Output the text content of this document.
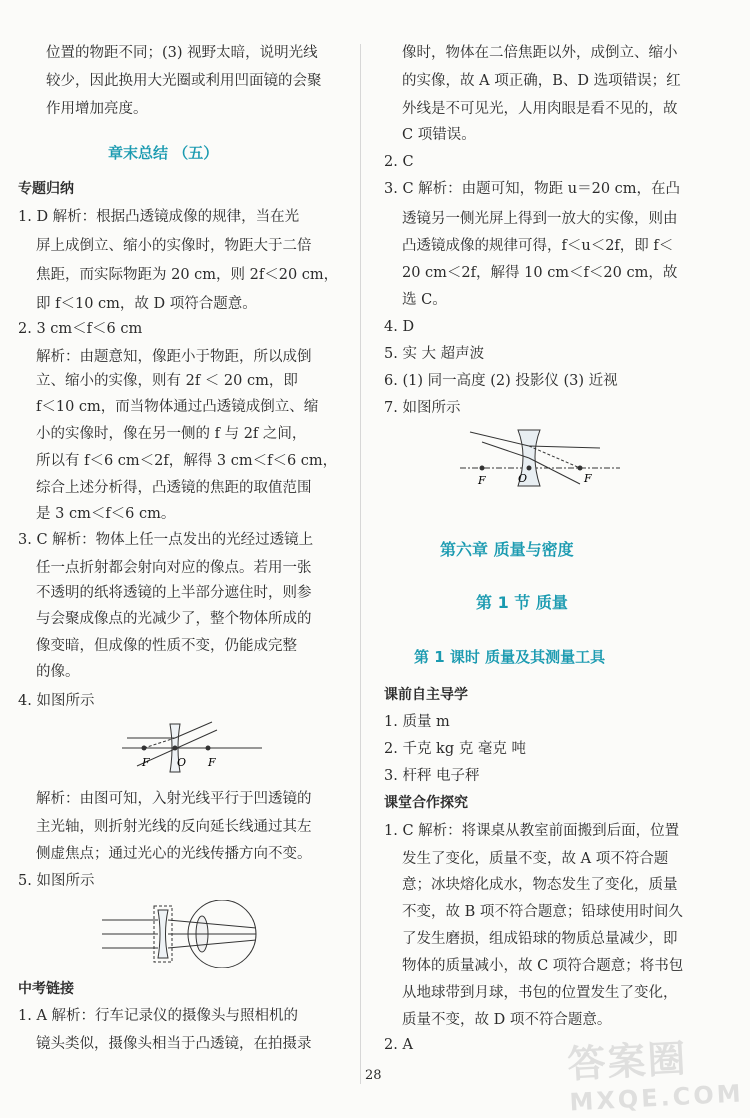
位置的物距不同；(3) 视野太暗，说明光线
较少，因此换用大光圈或利用凹面镜的会聚
作用增加亮度。
章末总结 （五）
专题归纳
1. D 解析：根据凸透镜成像的规律，当在光
屏上成倒立、缩小的实像时，物距大于二倍
焦距，而实际物距为 20 cm，则 2f＜20 cm，
即 f＜10 cm，故 D 项符合题意。
2. 3 cm＜f＜6 cm
解析：由题意知，像距小于物距，所以成倒
立、缩小的实像，则有 2f ＜ 20 cm，即
f＜10 cm，而当物体通过凸透镜成倒立、缩
小的实像时，像在另一侧的 f 与 2f 之间，
所以有 f＜6 cm＜2f，解得 3 cm＜f＜6 cm，
综合上述分析得，凸透镜的焦距的取值范围
是 3 cm＜f＜6 cm。
3. C 解析：物体上任一点发出的光经过透镜上
任一点折射都会射向对应的像点。若用一张
不透明的纸将透镜的上半部分遮住时，则参
与会聚成像点的光减少了，整个物体所成的
像变暗，但成像的性质不变，仍能成完整
的像。
4. 如图所示
F O F
解析：由图可知，入射光线平行于凹透镜的
主光轴，则折射光线的反向延长线通过其左
侧虚焦点；通过光心的光线传播方向不变。
5. 如图所示
中考链接
1. A 解析：行车记录仪的摄像头与照相机的
镜头类似，摄像头相当于凸透镜，在拍摄录
像时，物体在二倍焦距以外，成倒立、缩小
的实像，故 A 项正确，B、D 选项错误；红
外线是不可见光，人用肉眼是看不见的，故
C 项错误。
2. C
3. C 解析：由题可知，物距 u＝20 cm，在凸
透镜另一侧光屏上得到一放大的实像，则由
凸透镜成像的规律可得，f＜u＜2f，即 f＜
20 cm＜2f，解得 10 cm＜f＜20 cm，故
选 C。
4. D
5. 实 大 超声波
6. (1) 同一高度 (2) 投影仪 (3) 近视
7. 如图所示
F	O	F
第六章 质量与密度
第 1 节 质量
第 1 课时 质量及其测量工具
课前自主导学
1. 质量 m
2. 千克 kg 克 毫克 吨
3. 杆秤 电子秤
课堂合作探究
1. C 解析：将课桌从教室前面搬到后面，位置
发生了变化，质量不变，故 A 项不符合题
意；冰块熔化成水，物态发生了变化，质量
不变，故 B 项不符合题意；铅球使用时间久
了发生磨损，组成铅球的物质总量减少，即
物体的质量减小，故 C 项符合题意；将书包
从地球带到月球，书包的位置发生了变化，
质量不变，故 D 项不符合题意。
2. A
28	答案圈
MXQE.COM
